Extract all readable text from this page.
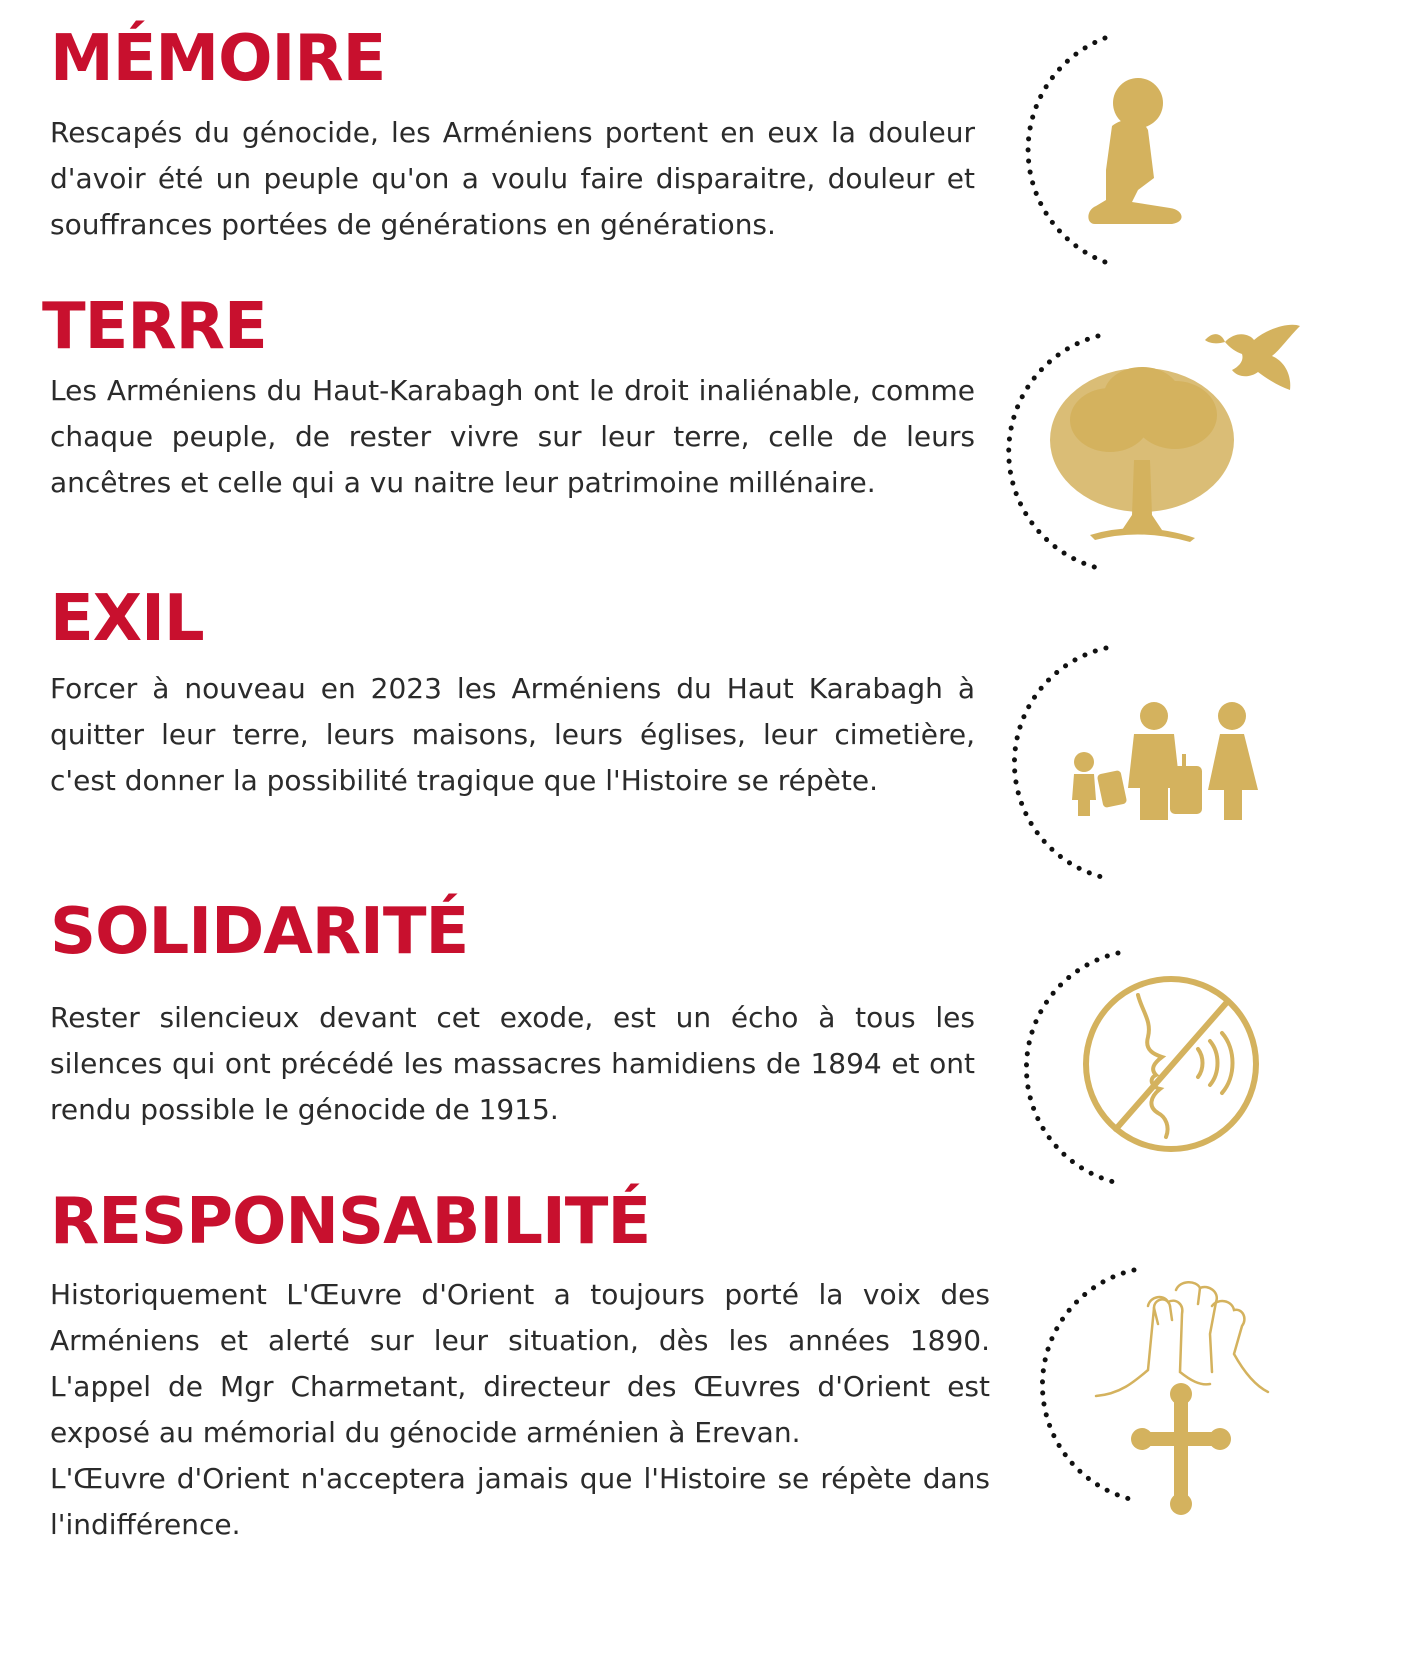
MÉMOIRE

Rescapés du génocide, les Arméniens portent en eux la douleur d'avoir été un peuple qu'on a voulu faire disparaitre, douleur et souffrances portées de générations en générations.

TERRE

Les Arméniens du Haut-Karabagh ont le droit inaliénable, comme chaque peuple, de rester vivre sur leur terre, celle de leurs ancêtres et celle qui a vu naitre leur patrimoine millénaire.

EXIL

Forcer à nouveau en 2023 les Arméniens du Haut Karabagh à quitter leur terre, leurs maisons, leurs églises, leur cimetière, c'est donner la possibilité tragique que l'Histoire se répète.

SOLIDARITÉ

Rester silencieux devant cet exode, est un écho à tous les silences qui ont précédé les massacres hamidiens de 1894 et ont rendu possible le génocide de 1915.

RESPONSABILITÉ

Historiquement L'Œuvre d'Orient a toujours porté la voix des Arméniens et alerté sur leur situation, dès les années 1890. L'appel de Mgr Charmetant, directeur des Œuvres d'Orient est exposé au mémorial du génocide arménien à Erevan.
L'Œuvre d'Orient n'acceptera jamais que l'Histoire se répète dans l'indifférence.
